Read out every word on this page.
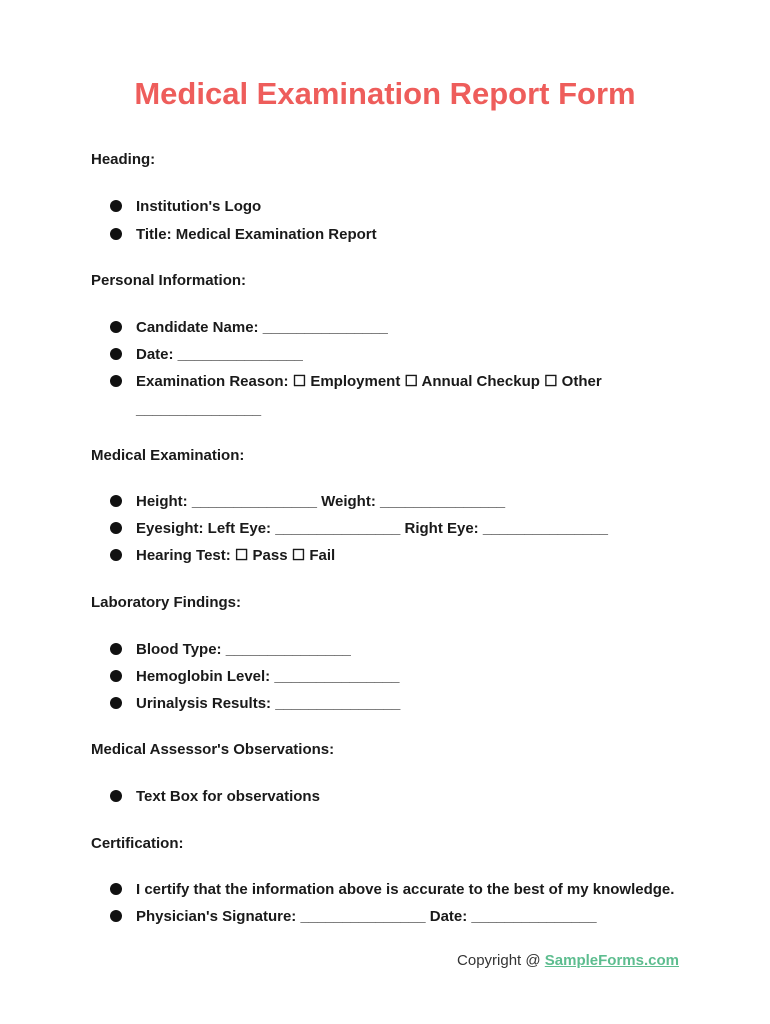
Medical Examination Report Form
Heading:
Institution's Logo
Title: Medical Examination Report
Personal Information:
Candidate Name: _______________
Date: _______________
Examination Reason: ☐ Employment ☐ Annual Checkup ☐ Other
_______________
Medical Examination:
Height: _______________ Weight: _______________
Eyesight: Left Eye: _______________ Right Eye: _______________
Hearing Test: ☐ Pass ☐ Fail
Laboratory Findings:
Blood Type: _______________
Hemoglobin Level: _______________
Urinalysis Results: _______________
Medical Assessor's Observations:
Text Box for observations
Certification:
I certify that the information above is accurate to the best of my knowledge.
Physician's Signature: _______________ Date: _______________
Copyright @ SampleForms.com
